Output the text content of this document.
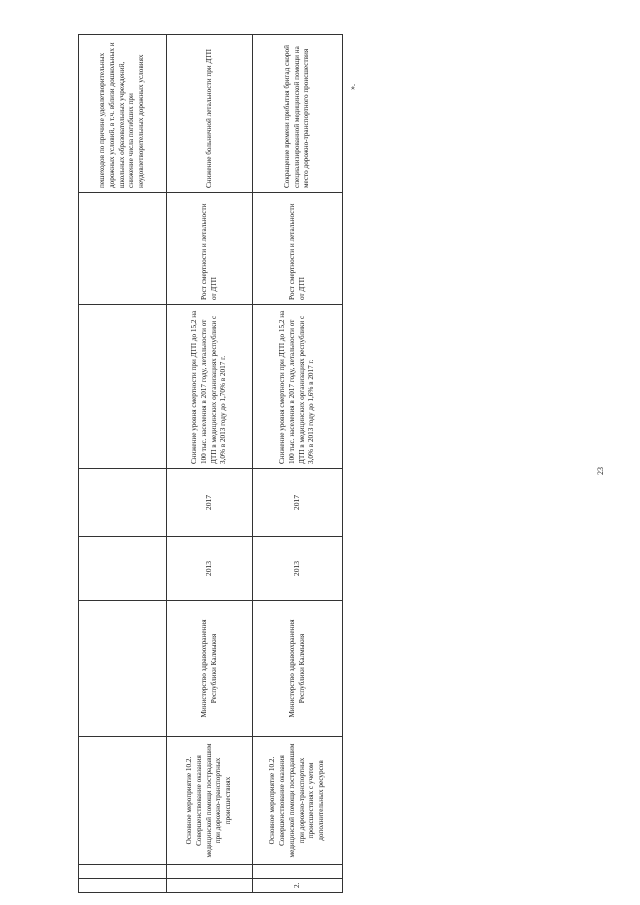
								пешеходов по причине удовлетворительных дорожных условий, в т.ч. вблизи дошкольных и школьных образовательных учреждений, снижение числа погибших при неудовлетворительных дорожных условиях
		Основное мероприятие 10.2. Совершенствование оказания медицинской помощи пострадавшим при дорожно-транспортных происшествиях	Министерство здравоохранения Республики Калмыкия	2013	2017	Снижение уровня смертности при ДТП до 15,2 на 100 тыс. населения в 2017 году, летальности от ДТП в медицинских организациях республики с 3,0% в 2013 году до 1,70% в 2017 г.	Рост смертности и летальности от ДТП	Снижение больничной летальности при ДТП
2.		Основное мероприятие 10.2. Совершенствование оказания медицинской помощи пострадавшим при дорожно-транспортных происшествиях с учетом дополнительных ресурсов	Министерство здравоохранения Республики Калмыкия	2013	2017	Снижение уровня смертности при ДТП до 15,2 на 100 тыс. населения в 2017 году, летальности от ДТП в медицинских организациях республики с 3,0% в 2013 году до 1,6% в 2017 г.	Рост смертности и летальности от ДТП	Сокращение времени прибытия бригад скорой специализированной медицинской помощи на место дорожно-транспортного происшествия
23
».
